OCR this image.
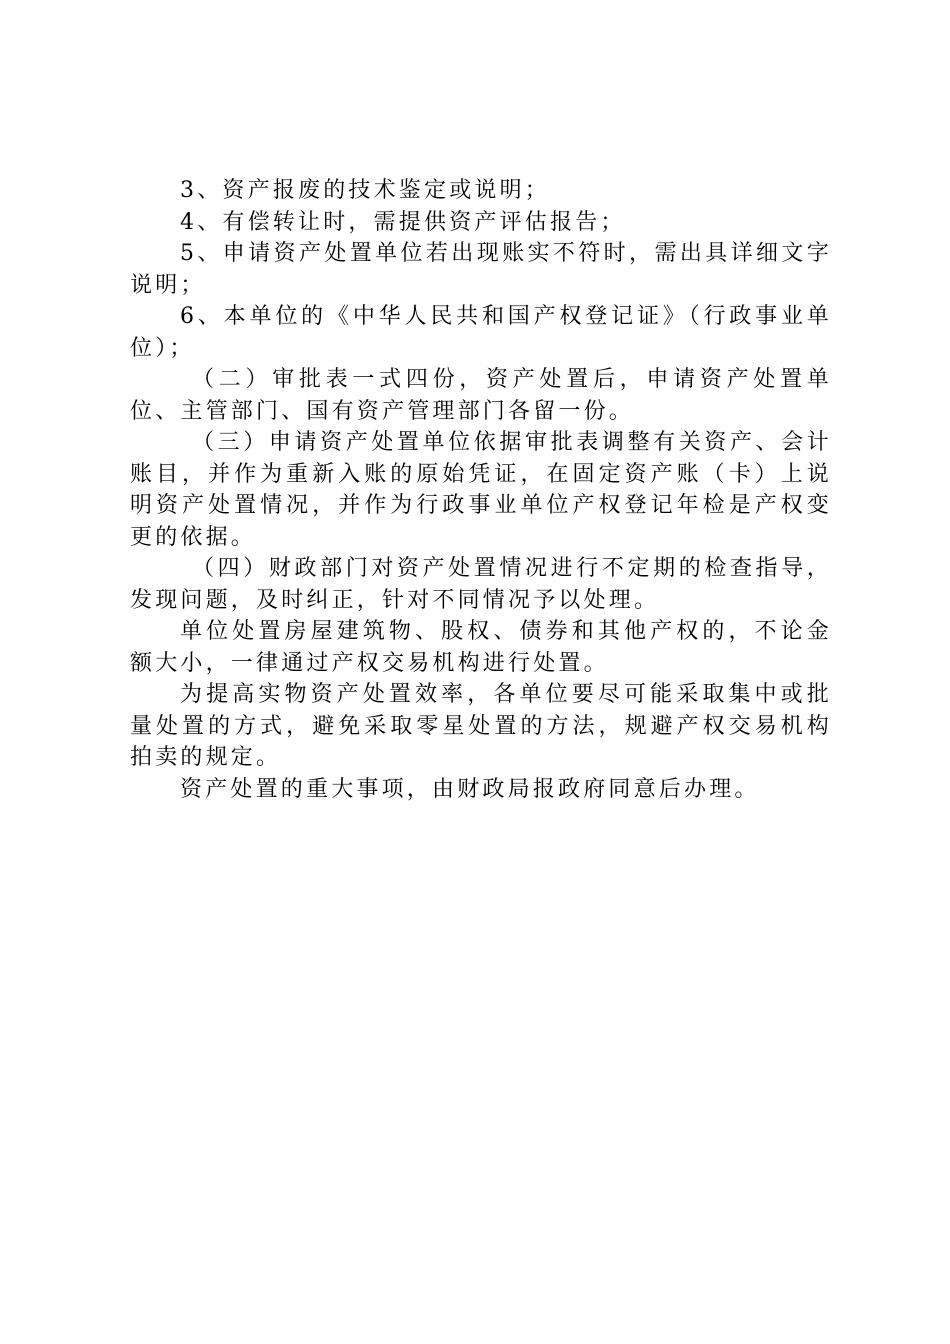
3、资产报废的技术鉴定或说明；

4、有偿转让时，需提供资产评估报告；

5、申请资产处置单位若出现账实不符时，需出具详细文字说明；

6、本单位的《中华人民共和国产权登记证》（行政事业单位）；

（二）审批表一式四份，资产处置后，申请资产处置单位、主管部门、国有资产管理部门各留一份。

（三）申请资产处置单位依据审批表调整有关资产、会计账目，并作为重新入账的原始凭证，在固定资产账（卡）上说明资产处置情况，并作为行政事业单位产权登记年检是产权变更的依据。

（四）财政部门对资产处置情况进行不定期的检查指导，发现问题，及时纠正，针对不同情况予以处理。

单位处置房屋建筑物、股权、债券和其他产权的，不论金额大小，一律通过产权交易机构进行处置。

为提高实物资产处置效率，各单位要尽可能采取集中或批量处置的方式，避免采取零星处置的方法，规避产权交易机构拍卖的规定。

资产处置的重大事项，由财政局报政府同意后办理。
